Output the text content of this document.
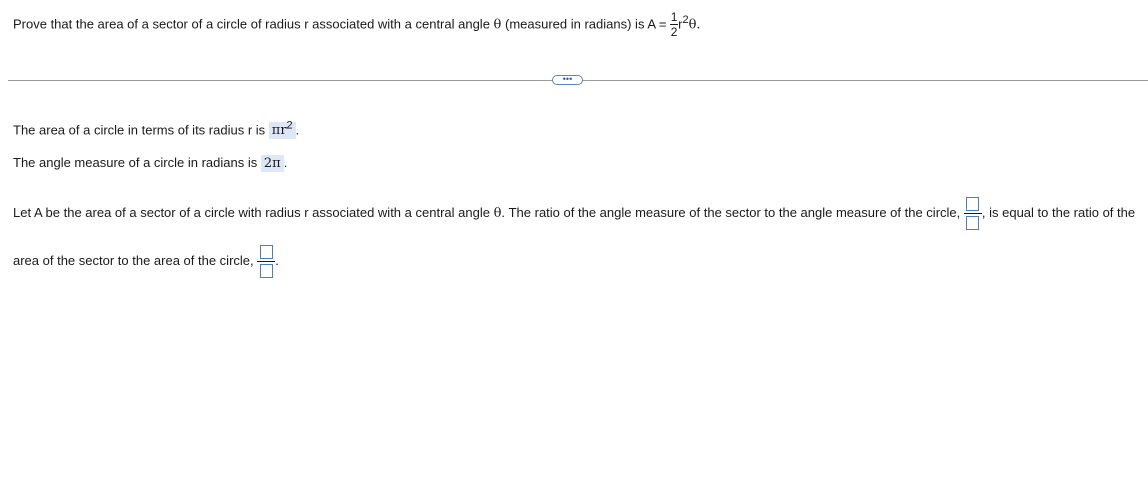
Prove that the area of a sector of a circle of radius r associated with a central angle θ (measured in radians) is $A = \frac{1}{2} r^2\theta$.
•••
The area of a circle in terms of its radius r is $\pi r^2$ .
The angle measure of a circle in radians is 2π .
Let A be the area of a sector of a circle with radius r associated with a central angle θ. The ratio of the angle measure of the sector to the angle measure of the circle, , is equal to the ratio of the
area of the sector to the area of the circle, .
